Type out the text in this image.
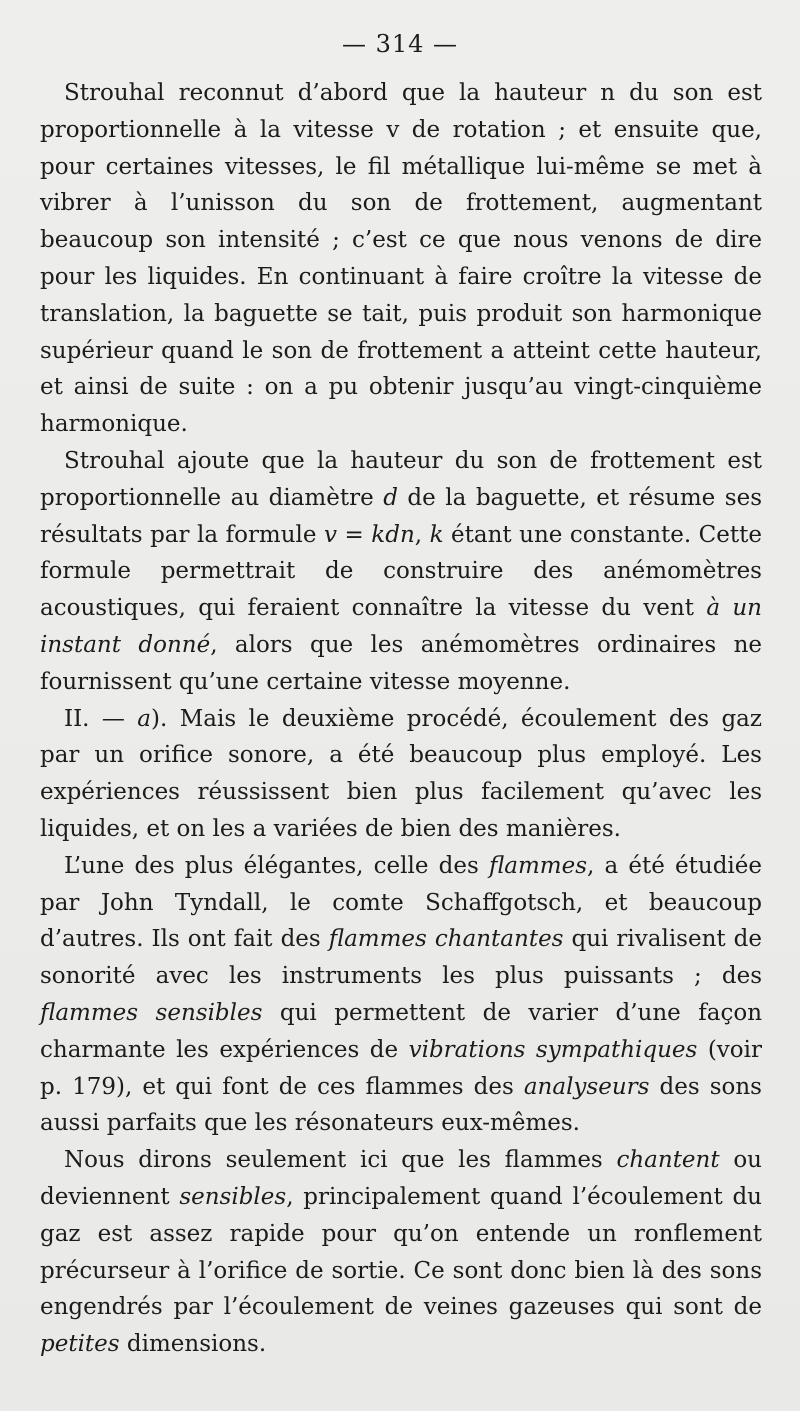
— 314 —

Strouhal reconnut d’abord que la hauteur n du son est proportionnelle à la vitesse v de rotation ; et ensuite que, pour certaines vitesses, le fil métallique lui-même se met à vibrer à l’unisson du son de frottement, augmentant beaucoup son intensité ; c’est ce que nous venons de dire pour les liquides. En continuant à faire croître la vitesse de translation, la baguette se tait, puis produit son harmonique supérieur quand le son de frottement a atteint cette hauteur, et ainsi de suite : on a pu obtenir jusqu’au vingt-cinquième harmonique.

Strouhal ajoute que la hauteur du son de frottement est proportionnelle au diamètre d de la baguette, et résume ses résultats par la formule v = kdn, k étant une constante. Cette formule permettrait de construire des anémomètres acoustiques, qui feraient connaître la vitesse du vent à un instant donné, alors que les anémomètres ordinaires ne fournissent qu’une certaine vitesse moyenne.

II. — a). Mais le deuxième procédé, écoulement des gaz par un orifice sonore, a été beaucoup plus employé. Les expériences réussissent bien plus facilement qu’avec les liquides, et on les a variées de bien des manières.

L’une des plus élégantes, celle des flammes, a été étudiée par John Tyndall, le comte Schaffgotsch, et beaucoup d’autres. Ils ont fait des flammes chantantes qui rivalisent de sonorité avec les instruments les plus puissants ; des flammes sensibles qui permettent de varier d’une façon charmante les expériences de vibrations sympathiques (voir p. 179), et qui font de ces flammes des analyseurs des sons aussi parfaits que les résonateurs eux-mêmes.

Nous dirons seulement ici que les flammes chantent ou deviennent sensibles, principalement quand l’écoulement du gaz est assez rapide pour qu’on entende un ronflement précurseur à l’orifice de sortie. Ce sont donc bien là des sons engendrés par l’écoulement de veines gazeuses qui sont de petites dimensions.
